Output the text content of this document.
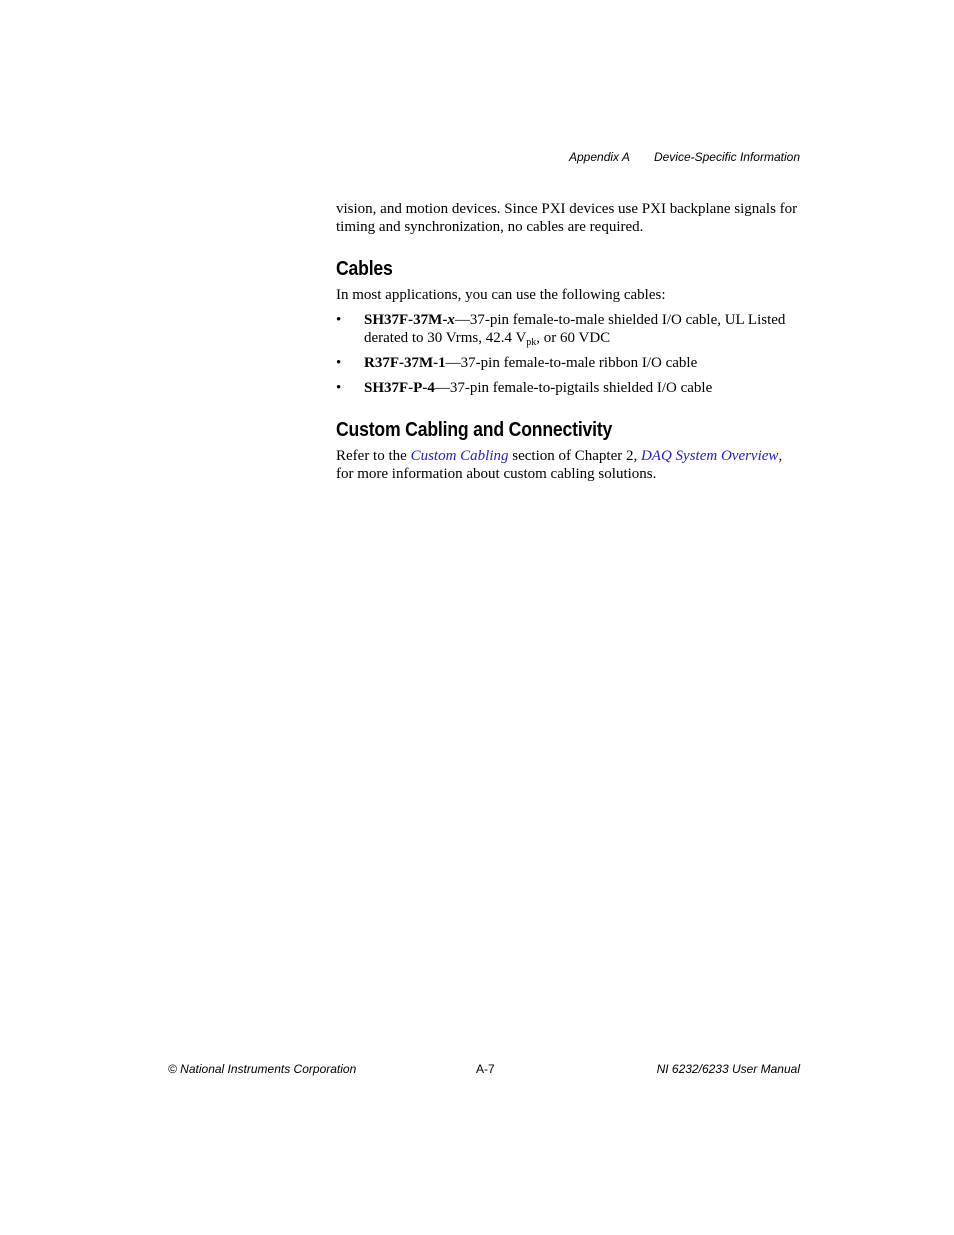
Appendix A Device-Specific Information

vision, and motion devices. Since PXI devices use PXI backplane signals for timing and synchronization, no cables are required.

Cables

In most applications, you can use the following cables:

• SH37F-37M-x—37-pin female-to-male shielded I/O cable, UL Listed derated to 30 Vrms, 42.4 $V_{pk}$, or 60 VDC
• R37F-37M-1—37-pin female-to-male ribbon I/O cable
• SH37F-P-4—37-pin female-to-pigtails shielded I/O cable
Custom Cabling and Connectivity

Refer to the Custom Cabling section of Chapter 2, DAQ System Overview, for more information about custom cabling solutions.

© National Instruments Corporation	A-7	NI 6232/6233 User Manual
